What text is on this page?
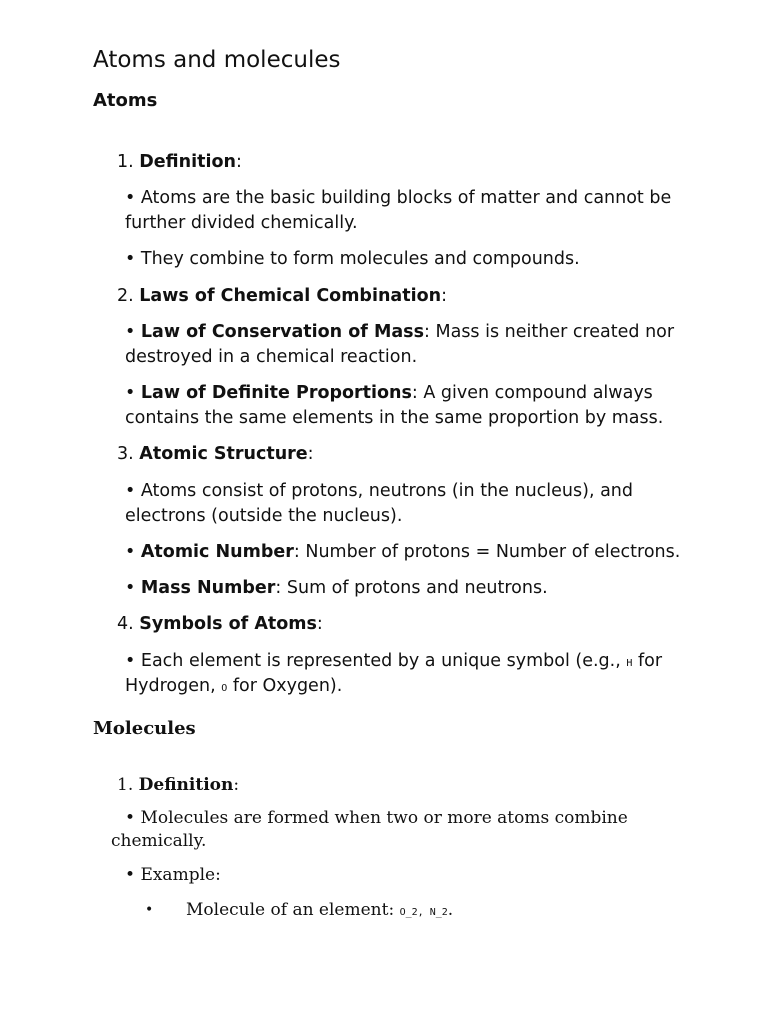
Atoms and molecules
Atoms
1. Definition:
• Atoms are the basic building blocks of matter and cannot be
further divided chemically.
• They combine to form molecules and compounds.
2. Laws of Chemical Combination:
• Law of Conservation of Mass: Mass is neither created nor
destroyed in a chemical reaction.
• Law of Definite Proportions: A given compound always
contains the same elements in the same proportion by mass.
3. Atomic Structure:
• Atoms consist of protons, neutrons (in the nucleus), and
electrons (outside the nucleus).
• Atomic Number: Number of protons = Number of electrons.
• Mass Number: Sum of protons and neutrons.
4. Symbols of Atoms:
• Each element is represented by a unique symbol (e.g., H for
Hydrogen, O for Oxygen).
Molecules
1. Definition:
• Molecules are formed when two or more atoms combine
chemically.
• Example:
• Molecule of an element: O_2, N_2.
